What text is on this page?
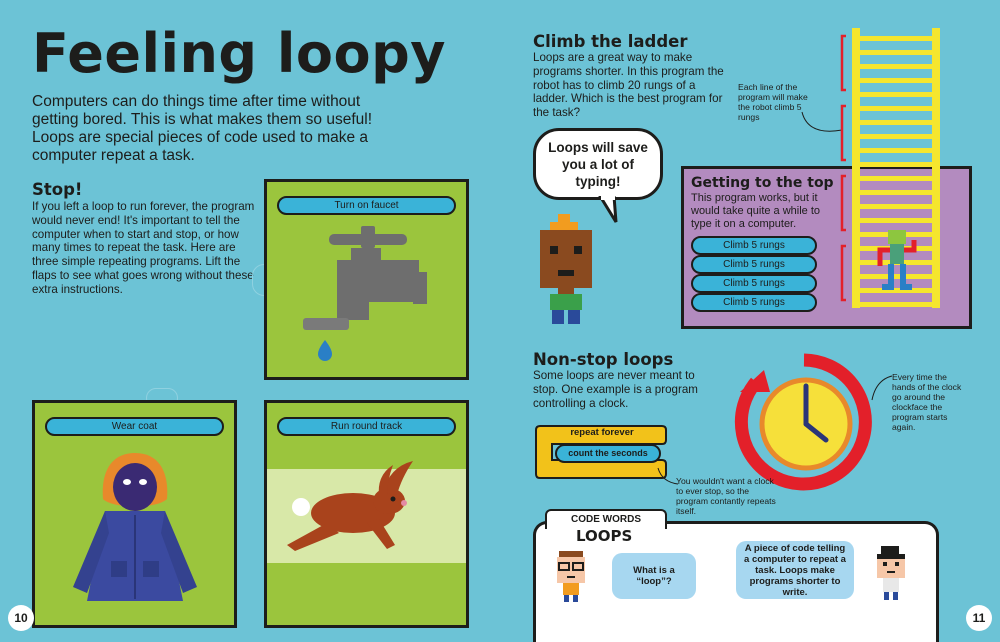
Feeling loopy
Computers can do things time after time without getting bored. This is what makes them so useful! Loops are special pieces of code used to make a computer repeat a task.
Stop!
If you left a loop to run forever, the program would never end! It's important to tell the computer when to start and stop, or how many times to repeat the task. Here are three simple repeating programs. Lift the flaps to see what goes wrong without these extra instructions.
Turn on faucet
Wear coat	Run round track
10
Climb the ladder
Loops are a great way to make programs shorter. In this program the robot has to climb 20 rungs of a ladder. Which is the best program for the task?
Loops will save you a lot of typing!
Each line of the program will make the robot climb 5 rungs
Getting to the top
This program works, but it would take quite a while to type it on a computer.
Climb 5 rungs
Climb 5 rungs
Climb 5 rungs
Climb 5 rungs
Non-stop loops
Some loops are never meant to stop. One example is a program controlling a clock.
Every time the hands of the clock go around the clockface the program starts again.
repeat forever
count the seconds
You wouldn't want a clock to ever stop, so the program contantly repeats itself.
CODE WORDS
LOOPS
What is a “loop”?
A piece of code telling a computer to repeat a task. Loops make programs shorter to write.
11
